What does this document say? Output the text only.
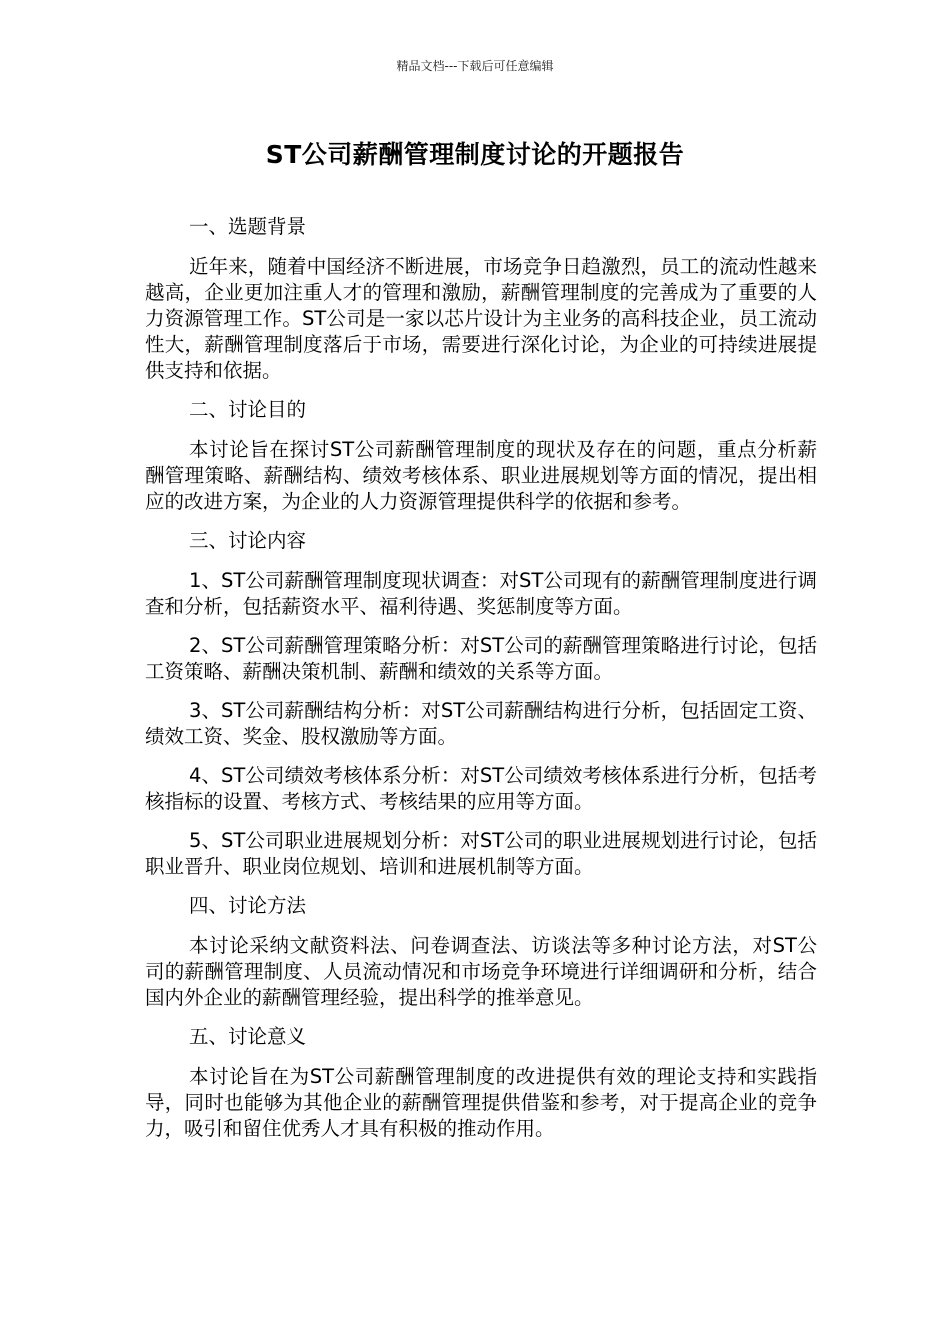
精品文档---下载后可任意编辑
ST公司薪酬管理制度讨论的开题报告

一、选题背景

近年来，随着中国经济不断进展，市场竞争日趋激烈，员工的流动性越来越高，企业更加注重人才的管理和激励，薪酬管理制度的完善成为了重要的人力资源管理工作。ST公司是一家以芯片设计为主业务的高科技企业，员工流动性大，薪酬管理制度落后于市场，需要进行深化讨论，为企业的可持续进展提供支持和依据。

二、讨论目的

本讨论旨在探讨ST公司薪酬管理制度的现状及存在的问题，重点分析薪酬管理策略、薪酬结构、绩效考核体系、职业进展规划等方面的情况，提出相应的改进方案，为企业的人力资源管理提供科学的依据和参考。

三、讨论内容

1、ST公司薪酬管理制度现状调查：对ST公司现有的薪酬管理制度进行调查和分析，包括薪资水平、福利待遇、奖惩制度等方面。

2、ST公司薪酬管理策略分析：对ST公司的薪酬管理策略进行讨论，包括工资策略、薪酬决策机制、薪酬和绩效的关系等方面。

3、ST公司薪酬结构分析：对ST公司薪酬结构进行分析，包括固定工资、绩效工资、奖金、股权激励等方面。

4、ST公司绩效考核体系分析：对ST公司绩效考核体系进行分析，包括考核指标的设置、考核方式、考核结果的应用等方面。

5、ST公司职业进展规划分析：对ST公司的职业进展规划进行讨论，包括职业晋升、职业岗位规划、培训和进展机制等方面。

四、讨论方法

本讨论采纳文献资料法、问卷调查法、访谈法等多种讨论方法，对ST公司的薪酬管理制度、人员流动情况和市场竞争环境进行详细调研和分析，结合国内外企业的薪酬管理经验，提出科学的推举意见。

五、讨论意义

本讨论旨在为ST公司薪酬管理制度的改进提供有效的理论支持和实践指导，同时也能够为其他企业的薪酬管理提供借鉴和参考，对于提高企业的竞争力，吸引和留住优秀人才具有积极的推动作用。
